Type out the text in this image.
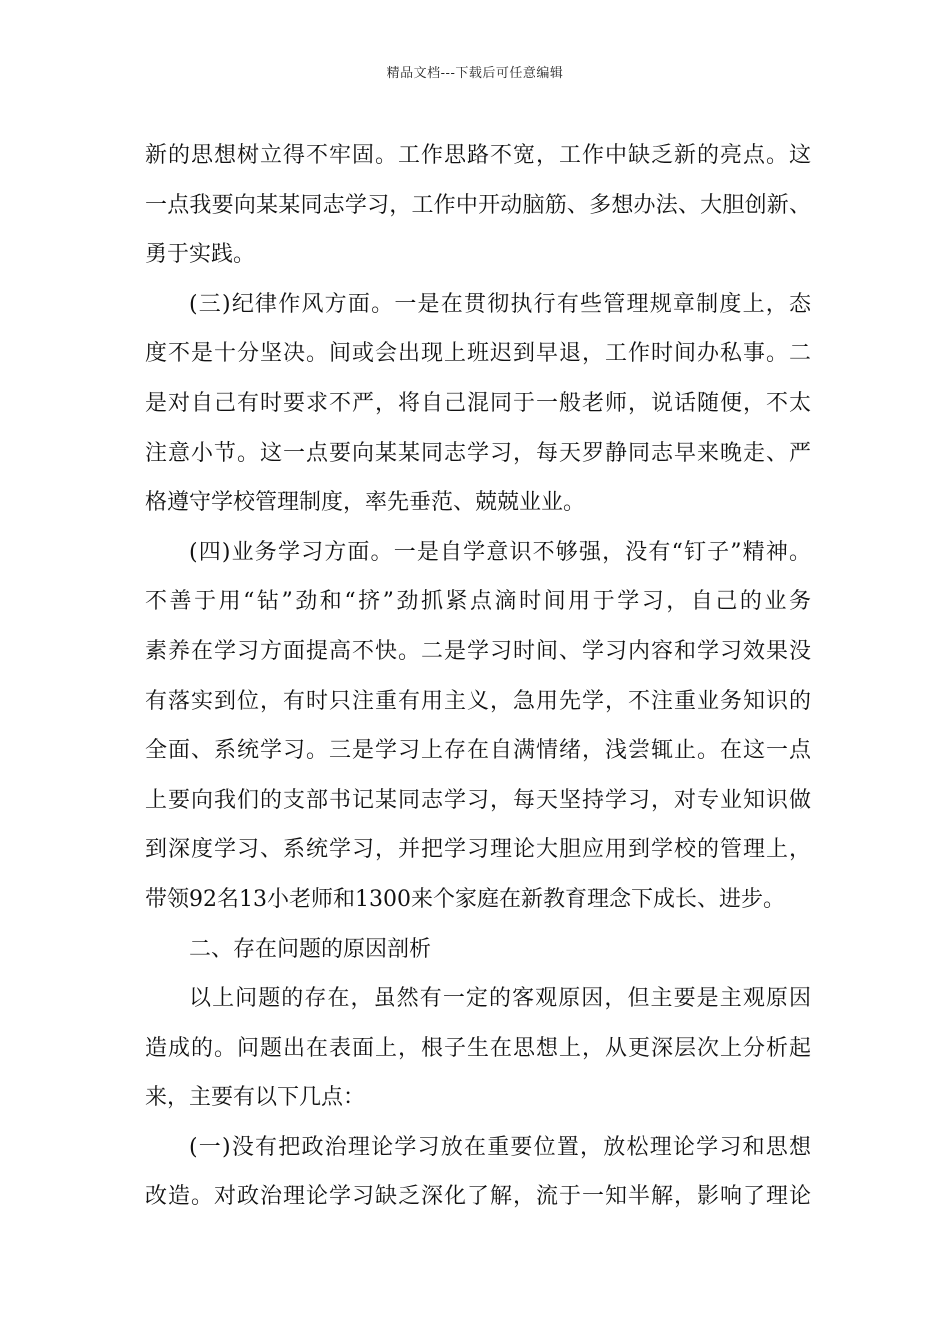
精品文档---下载后可任意编辑
新的思想树立得不牢固。工作思路不宽，工作中缺乏新的亮点。这
一点我要向某某同志学习，工作中开动脑筋、多想办法、大胆创新、
勇于实践。
(三)纪律作风方面。一是在贯彻执行有些管理规章制度上，态
度不是十分坚决。间或会出现上班迟到早退，工作时间办私事。二
是对自己有时要求不严，将自己混同于一般老师，说话随便，不太
注意小节。这一点要向某某同志学习，每天罗静同志早来晚走、严
格遵守学校管理制度，率先垂范、兢兢业业。
(四)业务学习方面。一是自学意识不够强，没有“钉子”精神。
不善于用“钻”劲和“挤”劲抓紧点滴时间用于学习，自己的业务
素养在学习方面提高不快。二是学习时间、学习内容和学习效果没
有落实到位，有时只注重有用主义，急用先学，不注重业务知识的
全面、系统学习。三是学习上存在自满情绪，浅尝辄止。在这一点
上要向我们的支部书记某同志学习，每天坚持学习，对专业知识做
到深度学习、系统学习，并把学习理论大胆应用到学校的管理上，
带领92名13小老师和1300来个家庭在新教育理念下成长、进步。
二、存在问题的原因剖析
以上问题的存在，虽然有一定的客观原因，但主要是主观原因
造成的。问题出在表面上，根子生在思想上，从更深层次上分析起
来，主要有以下几点：
(一)没有把政治理论学习放在重要位置，放松理论学习和思想
改造。对政治理论学习缺乏深化了解，流于一知半解，影响了理论
